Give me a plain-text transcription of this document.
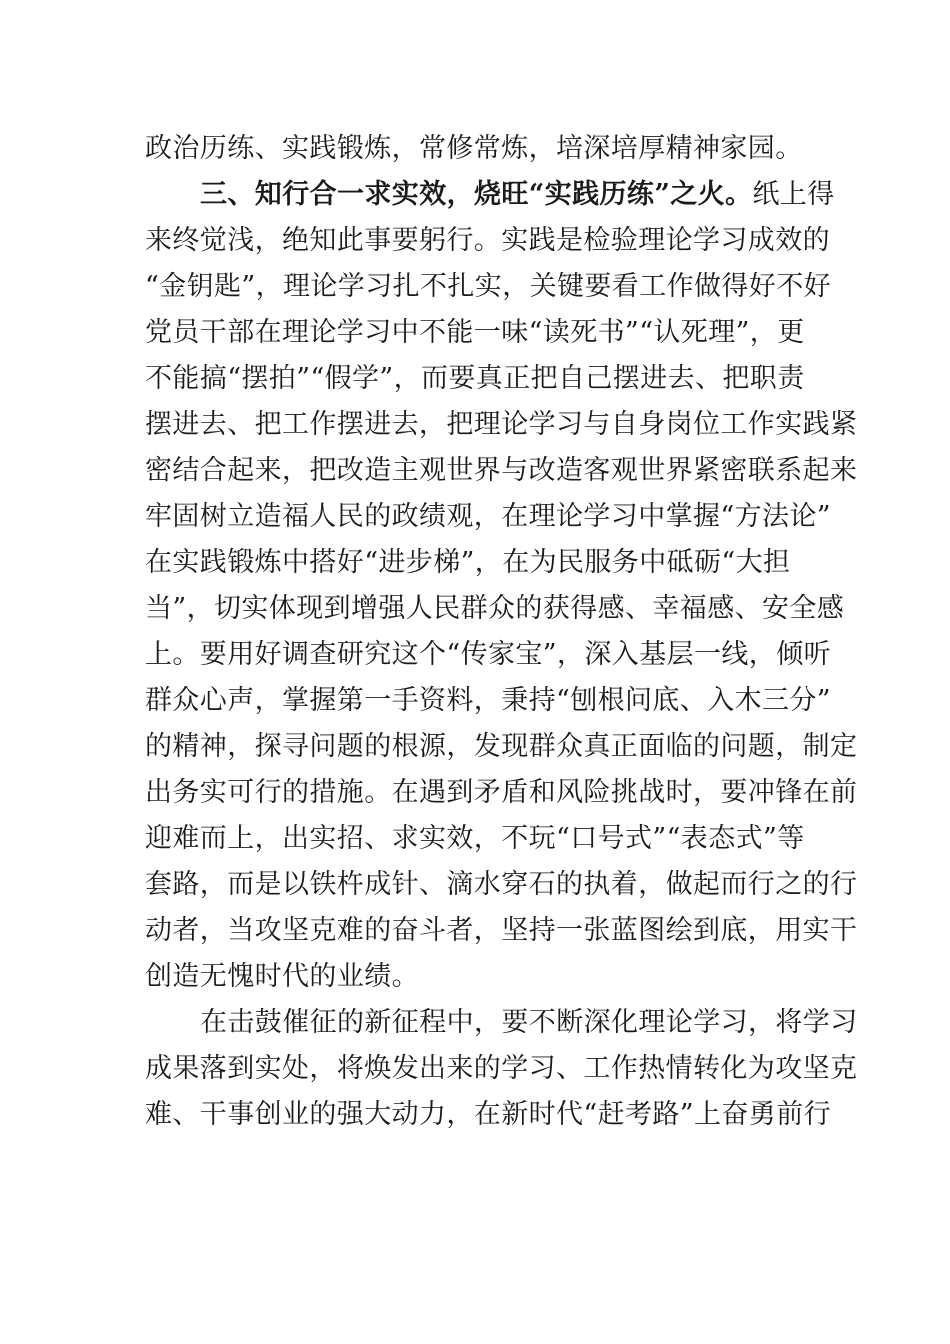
政治历练、实践锻炼，常修常炼，培深培厚精神家园。
三、知行合一求实效，烧旺“实践历练”之火。纸上得
来终觉浅，绝知此事要躬行。实践是检验理论学习成效的
“金钥匙”，理论学习扎不扎实，关键要看工作做得好不好
党员干部在理论学习中不能一味“读死书”“认死理”，更
不能搞“摆拍”“假学”，而要真正把自己摆进去、把职责
摆进去、把工作摆进去，把理论学习与自身岗位工作实践紧
密结合起来，把改造主观世界与改造客观世界紧密联系起来
牢固树立造福人民的政绩观，在理论学习中掌握“方法论”
在实践锻炼中搭好“进步梯”，在为民服务中砥砺“大担
当”，切实体现到增强人民群众的获得感、幸福感、安全感
上。要用好调查研究这个“传家宝”，深入基层一线，倾听
群众心声，掌握第一手资料，秉持“刨根问底、入木三分”
的精神，探寻问题的根源，发现群众真正面临的问题，制定
出务实可行的措施。在遇到矛盾和风险挑战时，要冲锋在前
迎难而上，出实招、求实效，不玩“口号式”“表态式”等
套路，而是以铁杵成针、滴水穿石的执着，做起而行之的行
动者，当攻坚克难的奋斗者，坚持一张蓝图绘到底，用实干
创造无愧时代的业绩。
在击鼓催征的新征程中，要不断深化理论学习，将学习
成果落到实处，将焕发出来的学习、工作热情转化为攻坚克
难、干事创业的强大动力，在新时代“赶考路”上奋勇前行
